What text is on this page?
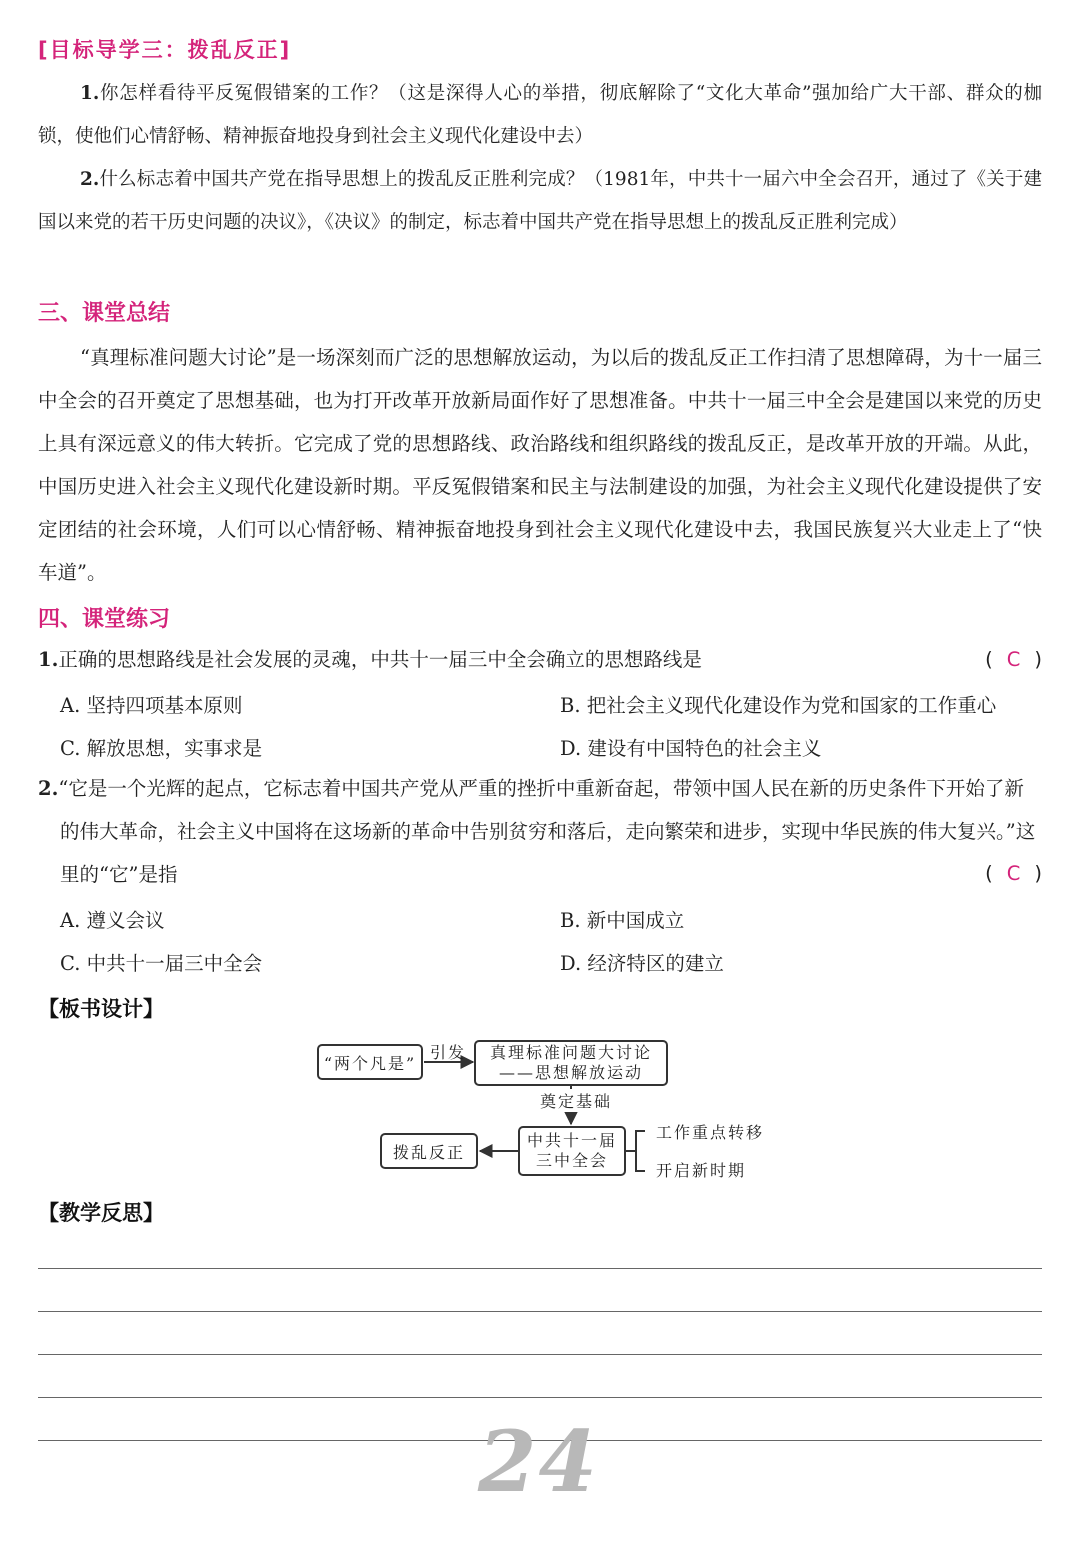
[目标导学三：拨乱反正]
1.你怎样看待平反冤假错案的工作？（这是深得人心的举措，彻底解除了“文化大革命”强加给广大干部、群众的枷锁，使他们心情舒畅、精神振奋地投身到社会主义现代化建设中去）
2.什么标志着中国共产党在指导思想上的拨乱反正胜利完成？（1981年，中共十一届六中全会召开，通过了《关于建国以来党的若干历史问题的决议》，《决议》的制定，标志着中国共产党在指导思想上的拨乱反正胜利完成）
三、课堂总结
“真理标准问题大讨论”是一场深刻而广泛的思想解放运动，为以后的拨乱反正工作扫清了思想障碍，为十一届三中全会的召开奠定了思想基础，也为打开改革开放新局面作好了思想准备。中共十一届三中全会是建国以来党的历史上具有深远意义的伟大转折。它完成了党的思想路线、政治路线和组织路线的拨乱反正，是改革开放的开端。从此，中国历史进入社会主义现代化建设新时期。平反冤假错案和民主与法制建设的加强，为社会主义现代化建设提供了安定团结的社会环境，人们可以心情舒畅、精神振奋地投身到社会主义现代化建设中去，我国民族复兴大业走上了“快车道”。
四、课堂练习
1.正确的思想路线是社会发展的灵魂，中共十一届三中全会确立的思想路线是	( C )
A. 坚持四项基本原则	B. 把社会主义现代化建设作为党和国家的工作重心
C. 解放思想，实事求是	D. 建设有中国特色的社会主义
2.“它是一个光辉的起点，它标志着中国共产党从严重的挫折中重新奋起，带领中国人民在新的历史条件下开始了新的伟大革命，社会主义中国将在这场新的革命中告别贫穷和落后，走向繁荣和进步，实现中华民族的伟大复兴。”这里的“它”是指	( C )
A. 遵义会议	B. 新中国成立
C. 中共十一届三中全会	D. 经济特区的建立
【板书设计】
“两个凡是”
引发 真理标准问题大讨论
——思想解放运动
奠定基础
中共十一届
三中全会
拨乱反正
工作重点转移
开启新时期
【教学反思】
24
